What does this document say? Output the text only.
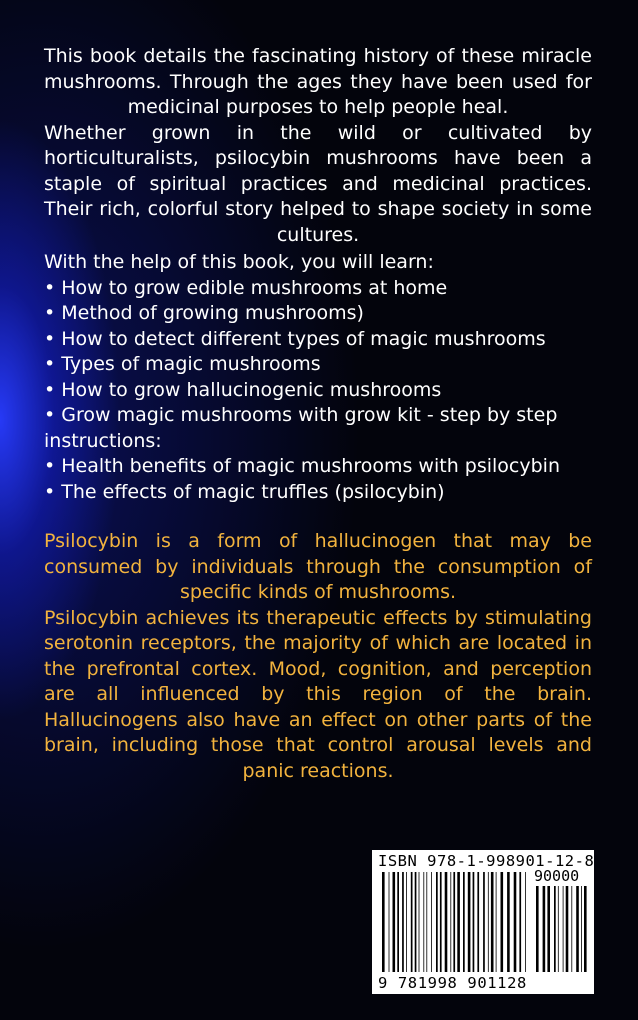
This book details the fascinating history of these miracle mushrooms. Through the ages they have been used for medicinal purposes to help people heal.
Whether grown in the wild or cultivated by horticulturalists, psilocybin mushrooms have been a staple of spiritual practices and medicinal practices. Their rich, colorful story helped to shape society in some cultures.
With the help of this book, you will learn:
• How to grow edible mushrooms at home
• Method of growing mushrooms)
• How to detect different types of magic mushrooms
• Types of magic mushrooms
• How to grow hallucinogenic mushrooms
• Grow magic mushrooms with grow kit - step by step
instructions:
• Health benefits of magic mushrooms with psilocybin
• The effects of magic truffles (psilocybin)
Psilocybin is a form of hallucinogen that may be consumed by individuals through the consumption of specific kinds of mushrooms.
Psilocybin achieves its therapeutic effects by stimulating serotonin receptors, the majority of which are located in the prefrontal cortex. Mood, cognition, and perception are all influenced by this region of the brain. Hallucinogens also have an effect on other parts of the brain, including those that control arousal levels and panic reactions.
ISBN 978-1-998901-12-8
90000
9 781998 901128
